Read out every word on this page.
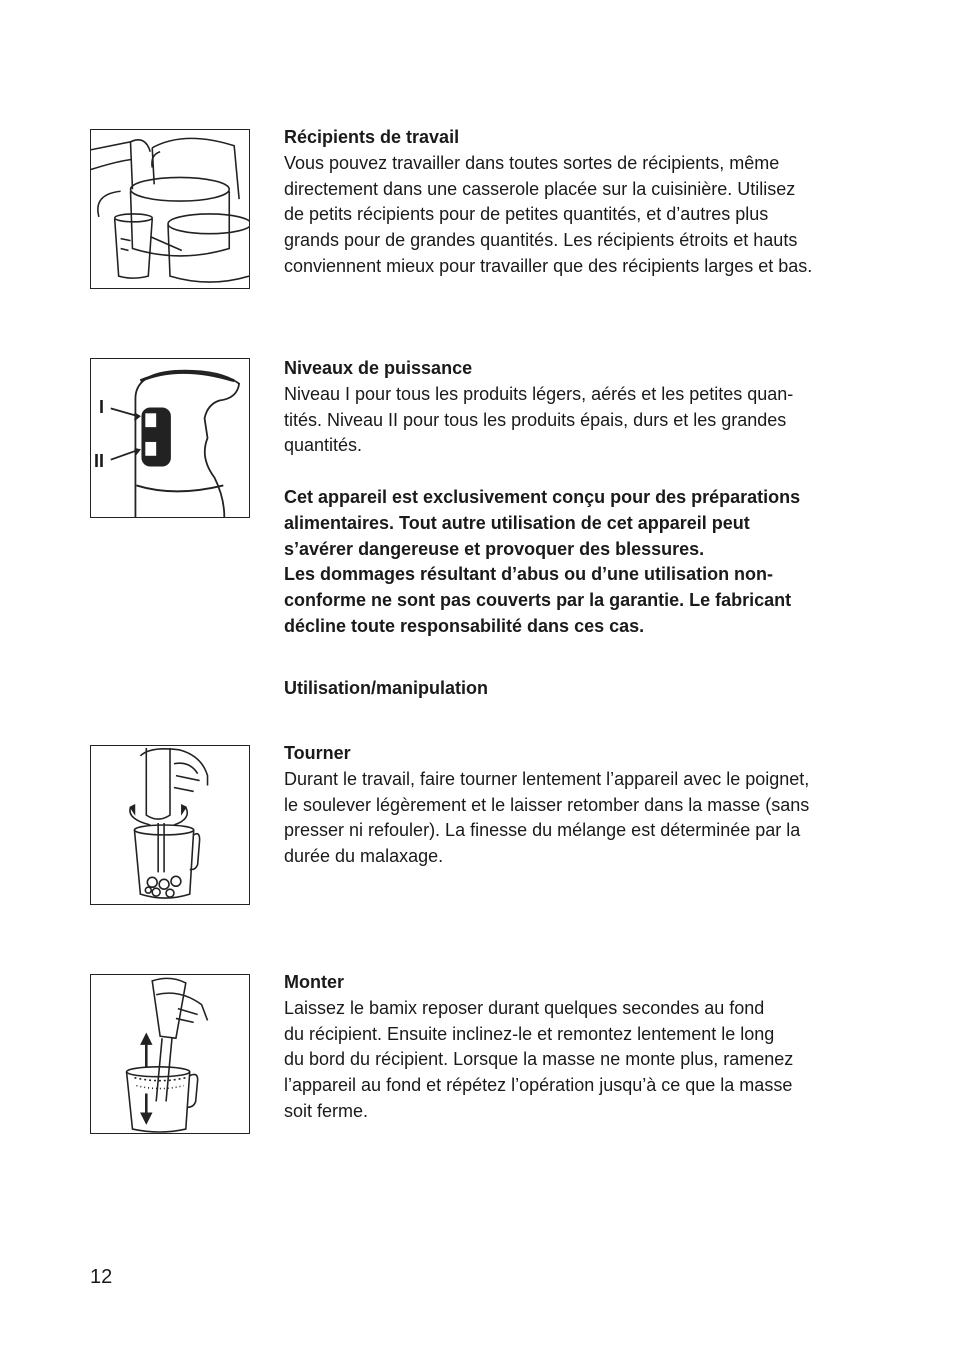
Récipients de travail
Vous pouvez travailler dans toutes sortes de récipients, même
directement dans une casserole placée sur la cuisinière. Utilisez
de petits récipients pour de petites quantités, et d’autres plus
grands pour de grandes quantités. Les récipients étroits et hauts
conviennent mieux pour travailler que des récipients larges et bas.
I
II
Niveaux de puissance
Niveau I pour tous les produits légers, aérés et les petites quan-
tités. Niveau II pour tous les produits épais, durs et les grandes
quantités.
Cet appareil est exclusivement conçu pour des préparations
alimentaires. Tout autre utilisation de cet appareil peut
s’avérer dangereuse et provoquer des blessures.
Les dommages résultant d’abus ou d’une utilisation non-
conforme ne sont pas couverts par la garantie. Le fabricant
décline toute responsabilité dans ces cas.
Utilisation/manipulation
Tourner
Durant le travail, faire tourner lentement l’appareil avec le poignet,
le soulever légèrement et le laisser retomber dans la masse (sans
presser ni refouler). La finesse du mélange est déterminée par la
durée du malaxage.
Monter
Laissez le bamix reposer durant quelques secondes au fond
du récipient. Ensuite inclinez-le et remontez lentement le long
du bord du récipient. Lorsque la masse ne monte plus, ramenez
l’appareil au fond et répétez l’opération jusqu’à ce que la masse
soit ferme.
12
